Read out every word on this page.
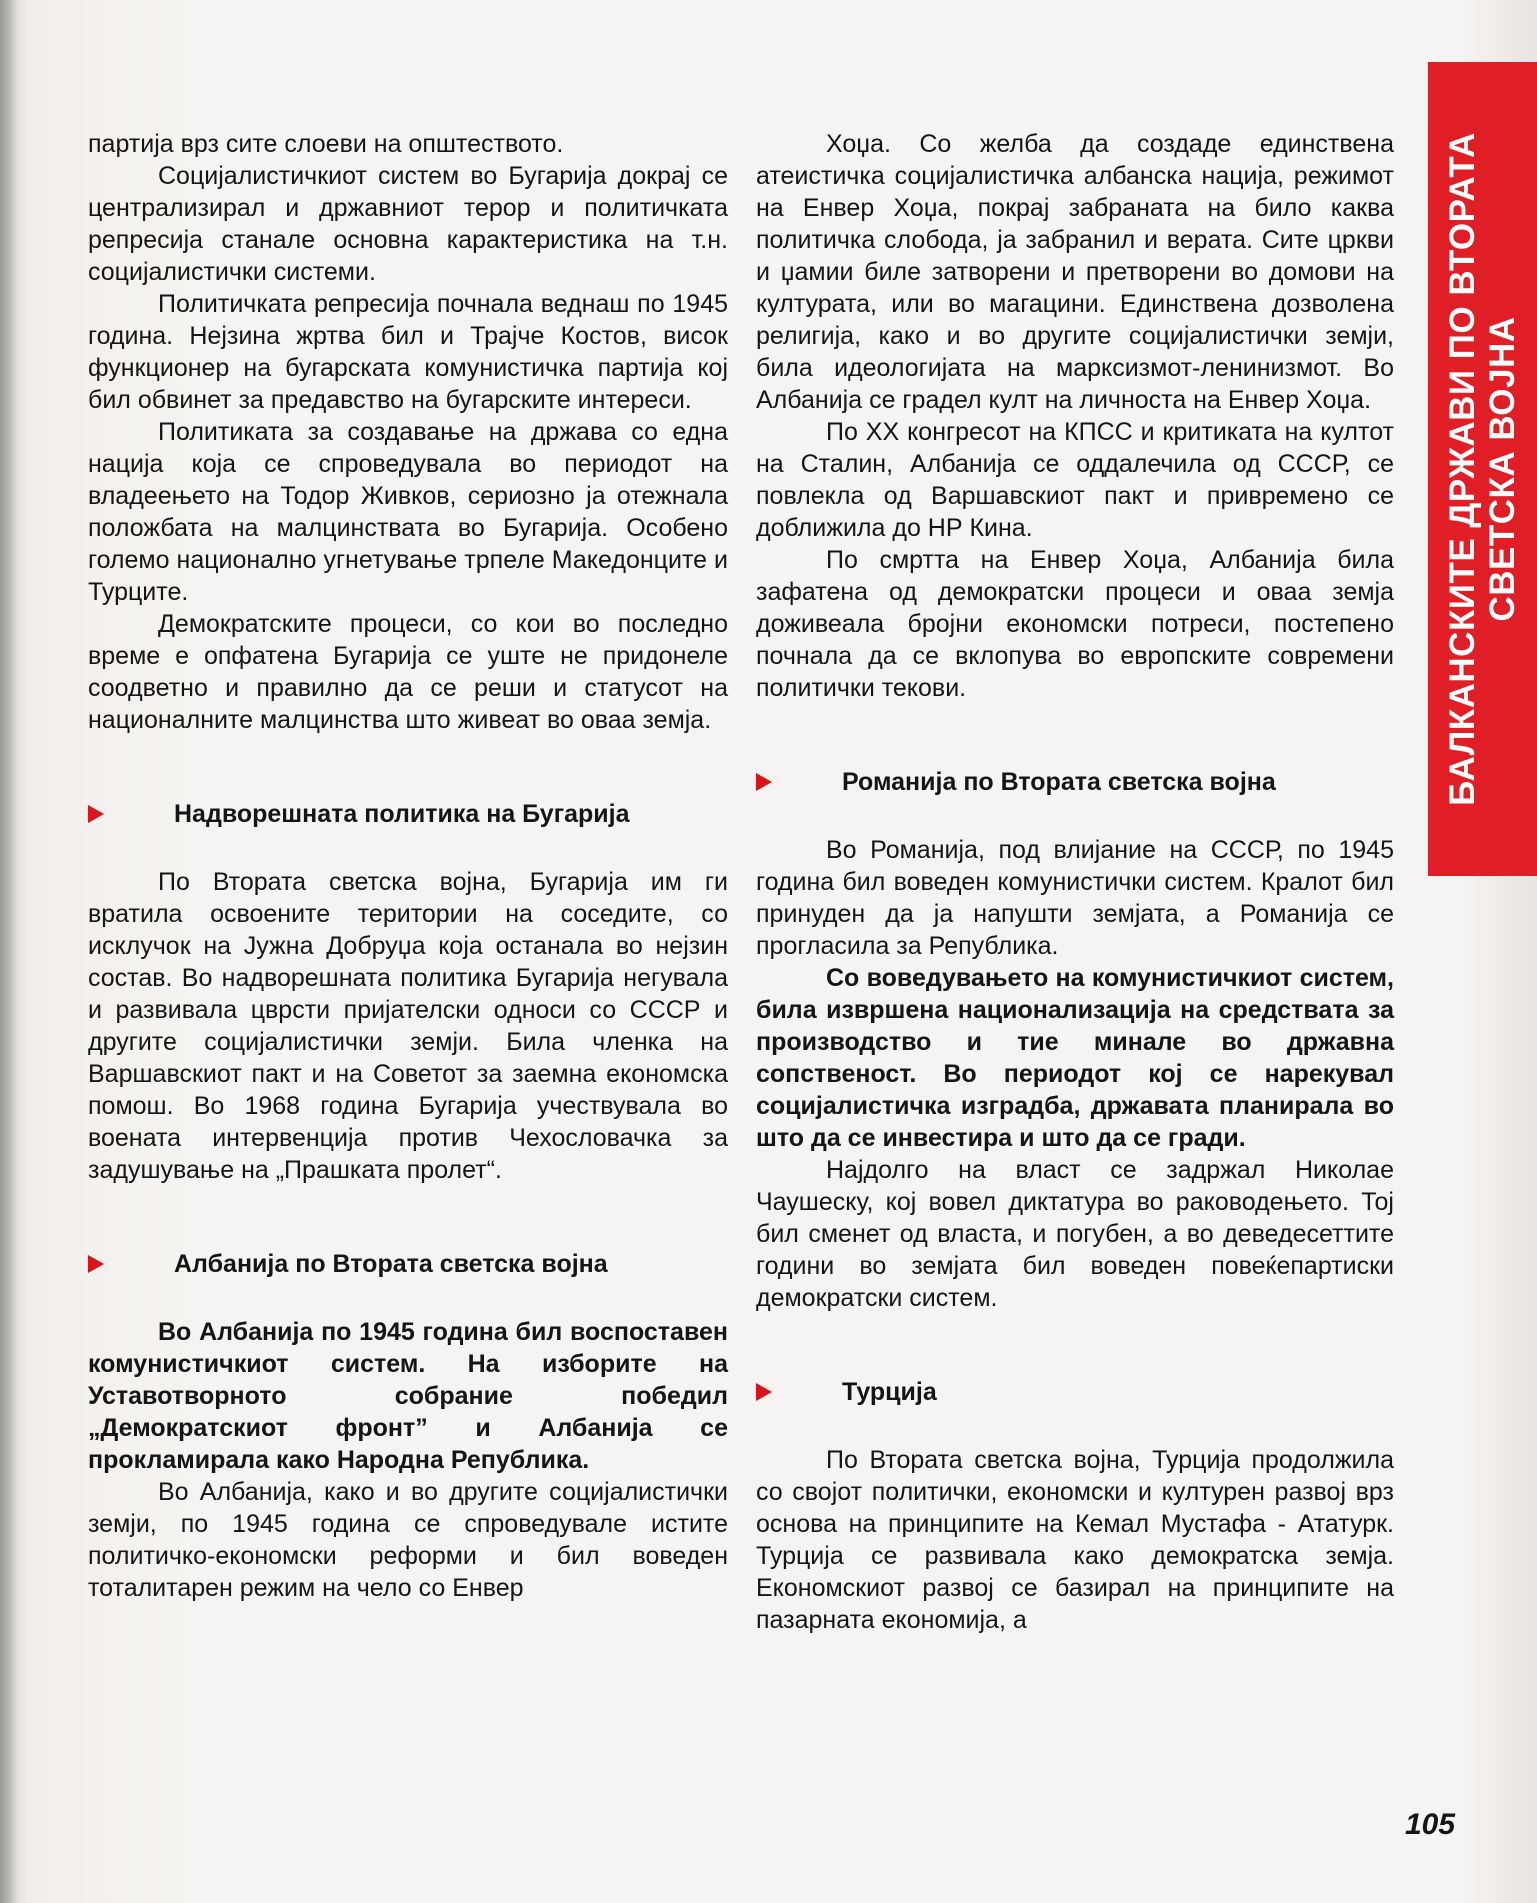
партија врз сите слоеви на општеството.

Социјалистичкиот систем во Бугарија докрај се централизирал и државниот терор и политичката репресија станале основна карактеристика на т.н. социјалистички системи.

Политичката репресија почнала веднаш по 1945 година. Нејзина жртва бил и Трајче Костов, висок функционер на бугарската комунистичка партија кој бил обвинет за предавство на бугарските интереси.

Политиката за создавање на држава со една нација која се спроведувала во периодот на владеењето на Тодор Живков, сериозно ја отежнала положбата на малцинствата во Бугарија. Особено големо национално угнетување трпеле Македонците и Турците.

Демократските процеси, со кои во последно време е опфатена Бугарија се уште не придонеле соодветно и правилно да се реши и статусот на националните малцинства што живеат во оваа земја.

Надворешната политика на Бугарија

По Втората светска војна, Бугарија им ги вратила освоените територии на соседите, со исклучок на Јужна Добруџа која останала во нејзин состав. Во надворешната политика Бугарија негувала и развивала цврсти пријателски односи со СССР и другите социјалистички земји. Била членка на Варшавскиот пакт и на Советот за заемна економска помош. Во 1968 година Бугарија учествувала во воената интервенција против Чехословачка за задушување на „Прашката пролет“.

Албанија по Втората светска војна

Во Албанија по 1945 година бил воспоставен комунистичкиот систем. На изборите на Уставотворното собрание победил „Демократскиот фронт” и Албанија се прокламирала како Народна Република.

Во Албанија, како и во другите социјалистички земји, по 1945 година се спроведувале истите политичко-економски реформи и бил воведен тоталитарен режим на чело со Енвер

Хоџа. Со желба да создаде единствена атеистичка социјалистичка албанска нација, режимот на Енвер Хоџа, покрај забраната на било каква политичка слобода, ја забранил и верата. Сите цркви и џамии биле затворени и претворени во домови на културата, или во магацини. Единствена дозволена религија, како и во другите социјалистички земји, била идеологијата на марксизмот-ленинизмот. Во Албанија се градел култ на личноста на Енвер Хоџа.

По XX конгресот на КПСС и критиката на култот на Сталин, Албанија се оддалечила од СССР, се повлекла од Варшавскиот пакт и привремено се доближила до НР Кина.

По смртта на Енвер Хоџа, Албанија била зафатена од демократски процеси и оваа земја доживеала бројни економски потреси, постепено почнала да се вклопува во европските современи политички текови.

Романија по Втората светска војна

Во Романија, под влијание на СССР, по 1945 година бил воведен комунистички систем. Кралот бил принуден да ја напушти земјата, а Романија се прогласила за Република.

Со воведувањето на комунистичкиот систем, била извршена национализација на средствата за производство и тие минале во државна сопственост. Во периодот кој се нарекувал социјалистичка изградба, државата планирала во што да се инвестира и што да се гради.

Најдолго на власт се задржал Николае Чаушеску, кој вовел диктатура во раководењето. Тој бил сменет од власта, и погубен, а во деведесеттите години во земјата бил воведен повеќепартиски демократски систем.

Турција

По Втората светска војна, Турција продолжила со својот политички, економски и културен развој врз основа на принципите на Кемал Мустафа - Ататурк. Турција се развивала како демократска земја. Економскиот развој се базирал на принципите на пазарната економија, а

БАЛКАНСКИТЕ ДРЖАВИ ПО ВТОРАТА СВЕТСКА ВОЈНА
105
